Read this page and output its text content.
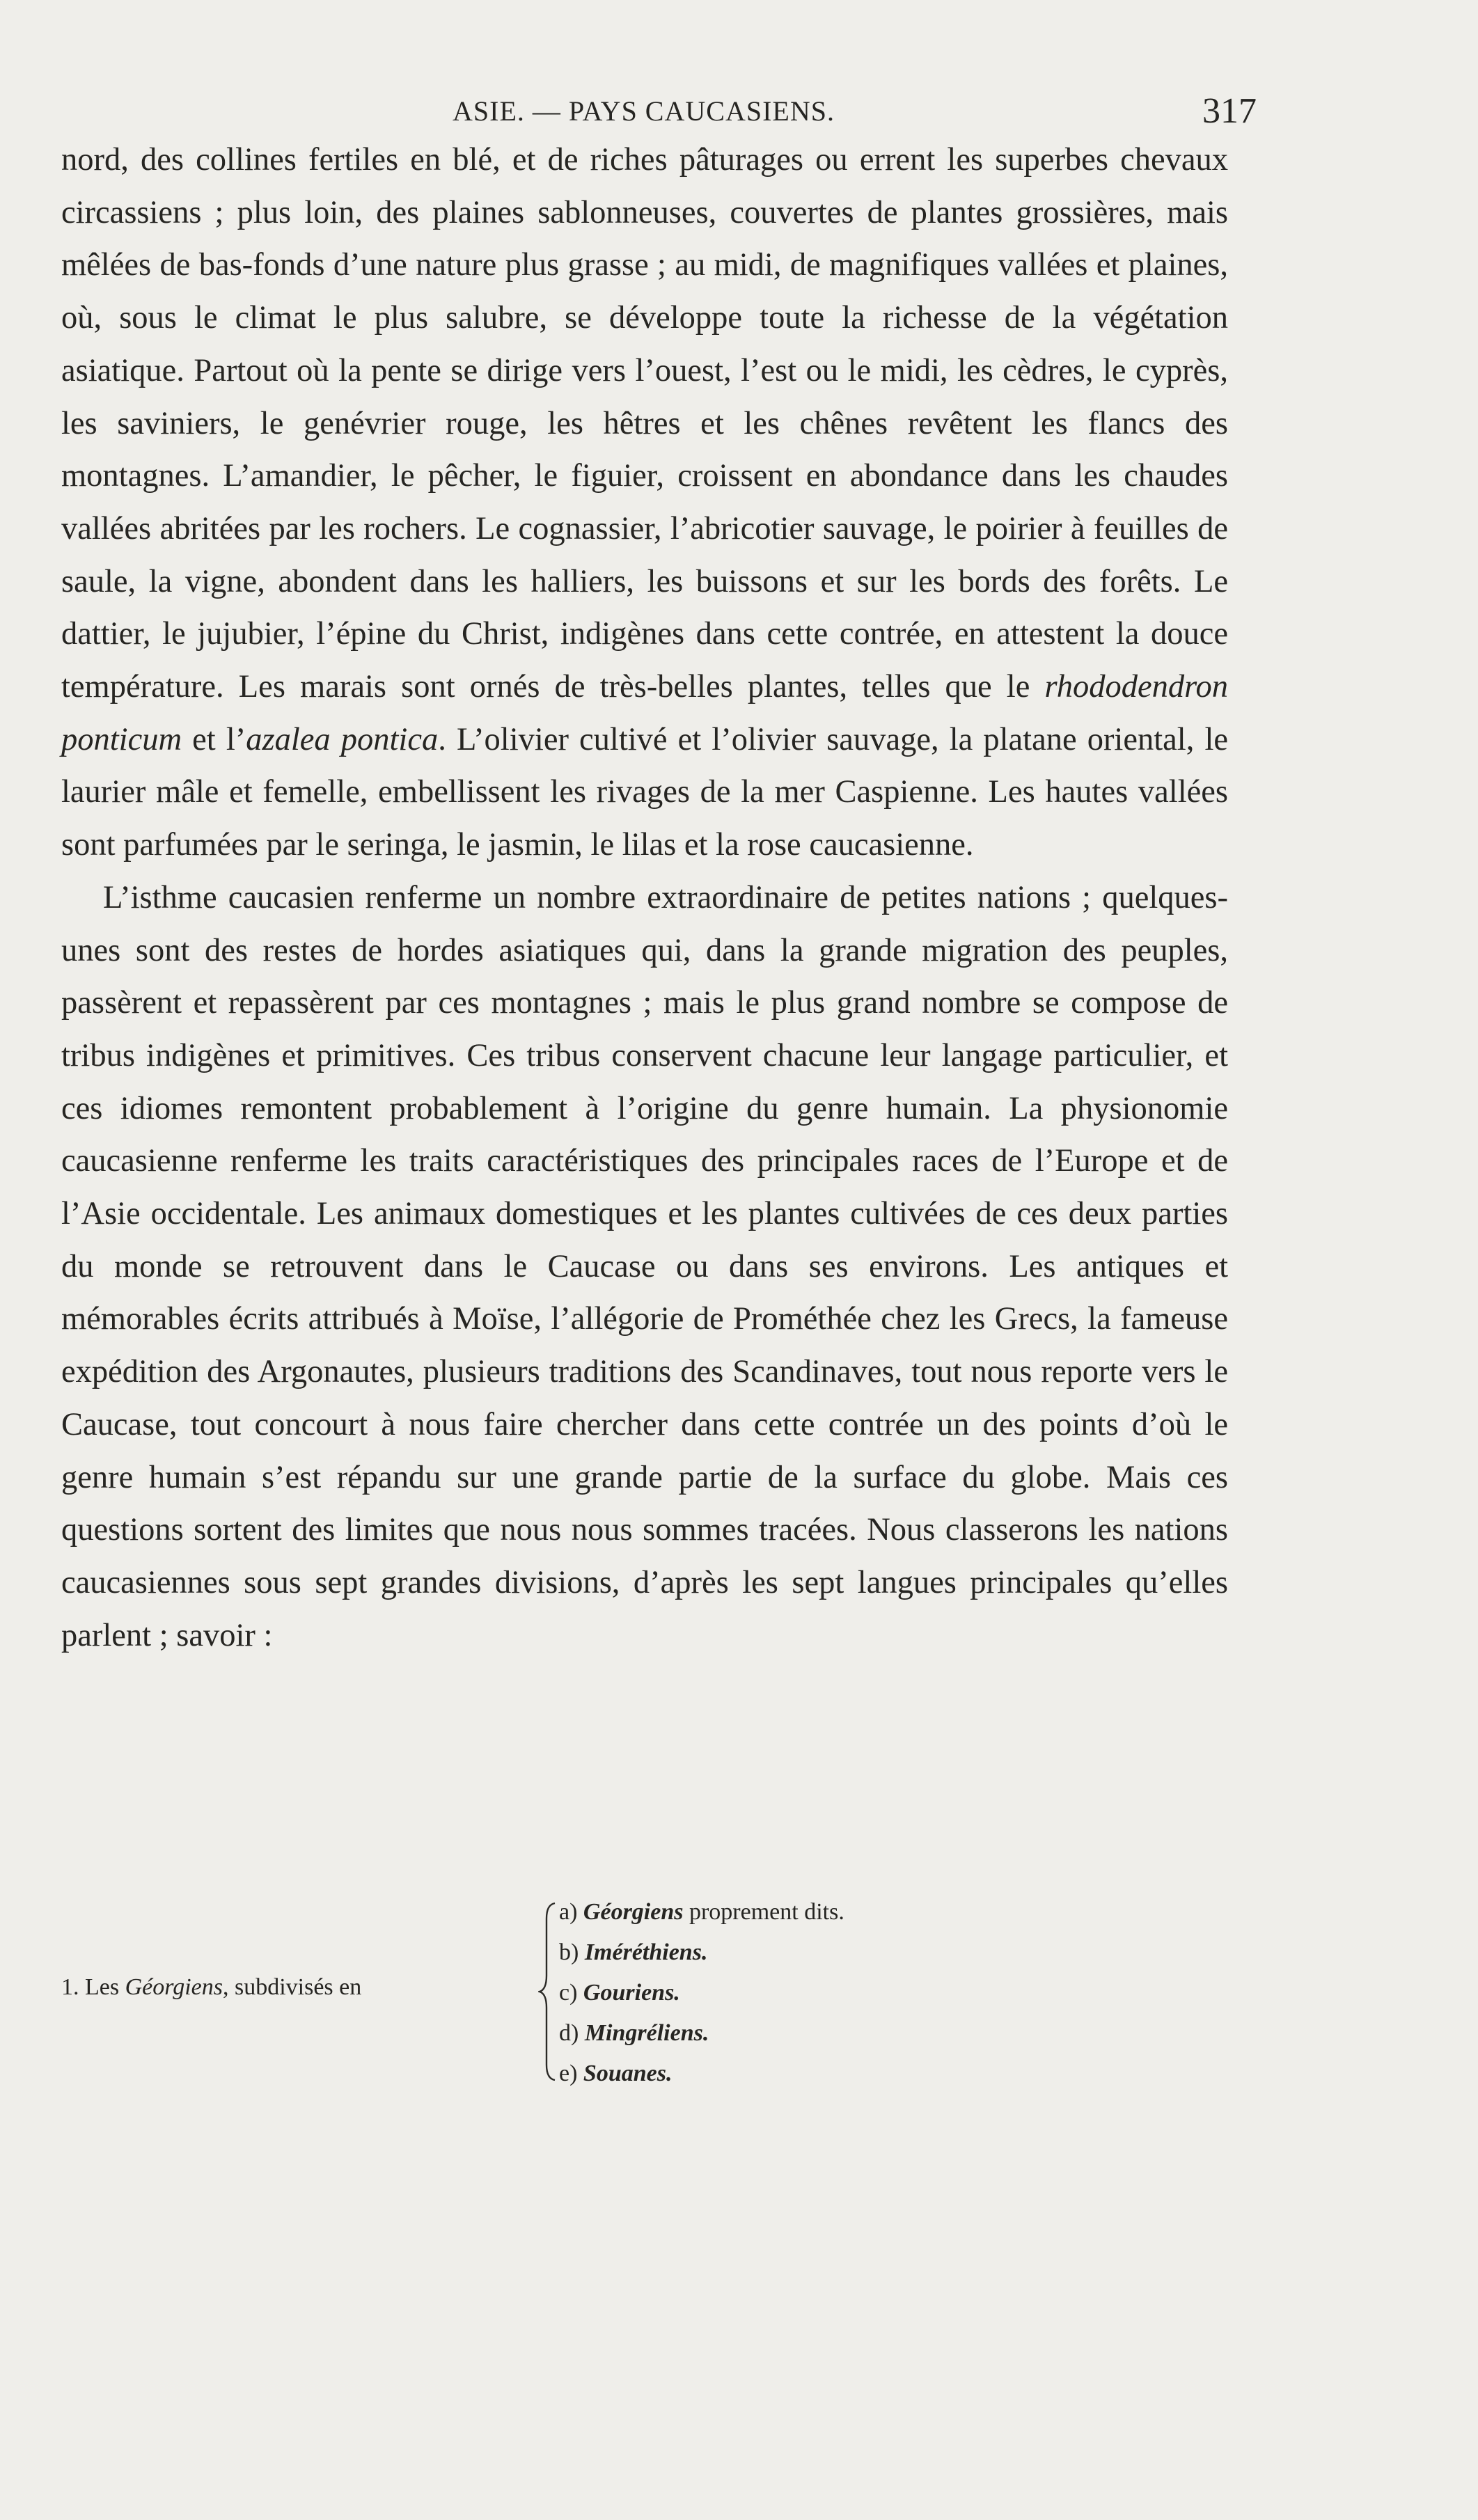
ASIE. — PAYS CAUCASIENS.	317

nord, des collines fertiles en blé, et de riches pâturages ou errent les superbes chevaux circassiens ; plus loin, des plaines sablonneuses, couvertes de plantes grossières, mais mêlées de bas-fonds d’une nature plus grasse ; au midi, de magnifiques vallées et plaines, où, sous le climat le plus salubre, se développe toute la richesse de la végétation asiatique. Partout où la pente se dirige vers l’ouest, l’est ou le midi, les cèdres, le cyprès, les saviniers, le genévrier rouge, les hêtres et les chênes revêtent les flancs des montagnes. L’amandier, le pêcher, le figuier, croissent en abondance dans les chaudes vallées abritées par les rochers. Le cognassier, l’abricotier sauvage, le poirier à feuilles de saule, la vigne, abondent dans les halliers, les buissons et sur les bords des forêts. Le dattier, le jujubier, l’épine du Christ, indigènes dans cette contrée, en attestent la douce température. Les marais sont ornés de très-belles plantes, telles que le rhododendron ponticum et l’azalea pontica. L’olivier cultivé et l’olivier sauvage, la platane oriental, le laurier mâle et femelle, embellissent les rivages de la mer Caspienne. Les hautes vallées sont parfumées par le seringa, le jasmin, le lilas et la rose caucasienne.

L’isthme caucasien renferme un nombre extraordinaire de petites nations ; quelques-unes sont des restes de hordes asiatiques qui, dans la grande migration des peuples, passèrent et repassèrent par ces montagnes ; mais le plus grand nombre se compose de tribus indigènes et primitives. Ces tribus conservent chacune leur langage particulier, et ces idiomes remontent probablement à l’origine du genre humain. La physionomie caucasienne renferme les traits caractéristiques des principales races de l’Europe et de l’Asie occidentale. Les animaux domestiques et les plantes cultivées de ces deux parties du monde se retrouvent dans le Caucase ou dans ses environs. Les antiques et mémorables écrits attribués à Moïse, l’allégorie de Prométhée chez les Grecs, la fameuse expédition des Argonautes, plusieurs traditions des Scandinaves, tout nous reporte vers le Caucase, tout concourt à nous faire chercher dans cette contrée un des points d’où le genre humain s’est répandu sur une grande partie de la surface du globe. Mais ces questions sortent des limites que nous nous sommes tracées. Nous classerons les nations caucasiennes sous sept grandes divisions, d’après les sept langues principales qu’elles parlent ; savoir :

1. Les Géorgiens, subdivisés en
a) Géorgiens proprement dits.
b) Iméréthiens.
c) Gouriens.
d) Mingréliens.
e) Souanes.
